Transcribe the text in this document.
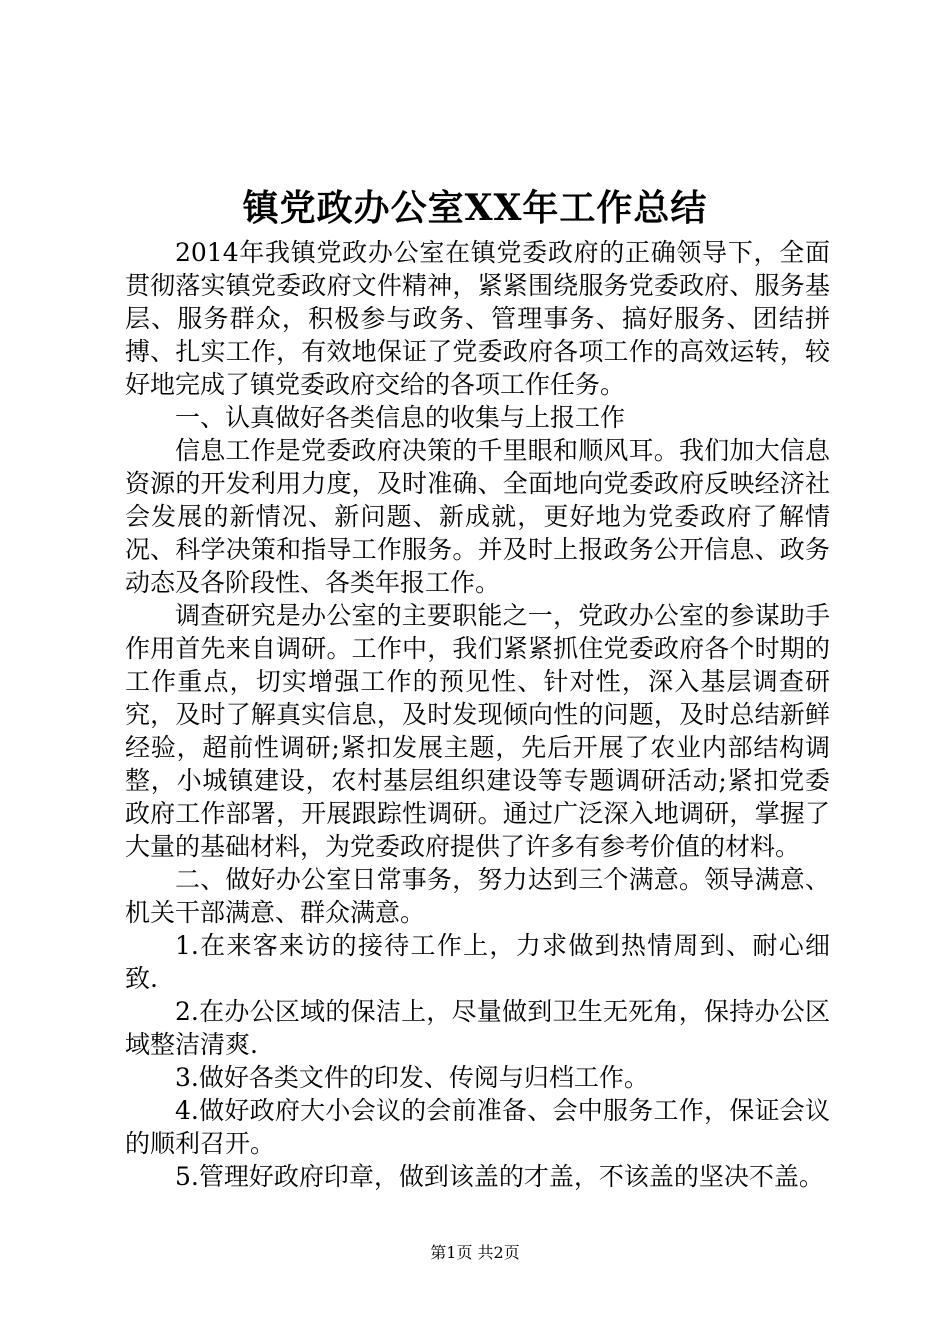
镇党政办公室XX年工作总结

2014年我镇党政办公室在镇党委政府的正确领导下，全面贯彻落实镇党委政府文件精神，紧紧围绕服务党委政府、服务基层、服务群众，积极参与政务、管理事务、搞好服务、团结拼搏、扎实工作，有效地保证了党委政府各项工作的高效运转，较好地完成了镇党委政府交给的各项工作任务。

一、认真做好各类信息的收集与上报工作

信息工作是党委政府决策的千里眼和顺风耳。我们加大信息资源的开发利用力度，及时准确、全面地向党委政府反映经济社会发展的新情况、新问题、新成就，更好地为党委政府了解情况、科学决策和指导工作服务。并及时上报政务公开信息、政务动态及各阶段性、各类年报工作。

调查研究是办公室的主要职能之一，党政办公室的参谋助手作用首先来自调研。工作中，我们紧紧抓住党委政府各个时期的工作重点，切实增强工作的预见性、针对性，深入基层调查研究，及时了解真实信息，及时发现倾向性的问题，及时总结新鲜经验，超前性调研;紧扣发展主题，先后开展了农业内部结构调整，小城镇建设，农村基层组织建设等专题调研活动;紧扣党委政府工作部署，开展跟踪性调研。通过广泛深入地调研，掌握了大量的基础材料，为党委政府提供了许多有参考价值的材料。

二、做好办公室日常事务，努力达到三个满意。领导满意、机关干部满意、群众满意。

1.在来客来访的接待工作上，力求做到热情周到、耐心细致.

2.在办公区域的保洁上，尽量做到卫生无死角，保持办公区域整洁清爽.

3.做好各类文件的印发、传阅与归档工作。

4.做好政府大小会议的会前准备、会中服务工作，保证会议的顺利召开。

5.管理好政府印章，做到该盖的才盖，不该盖的坚决不盖。

第1页 共2页
